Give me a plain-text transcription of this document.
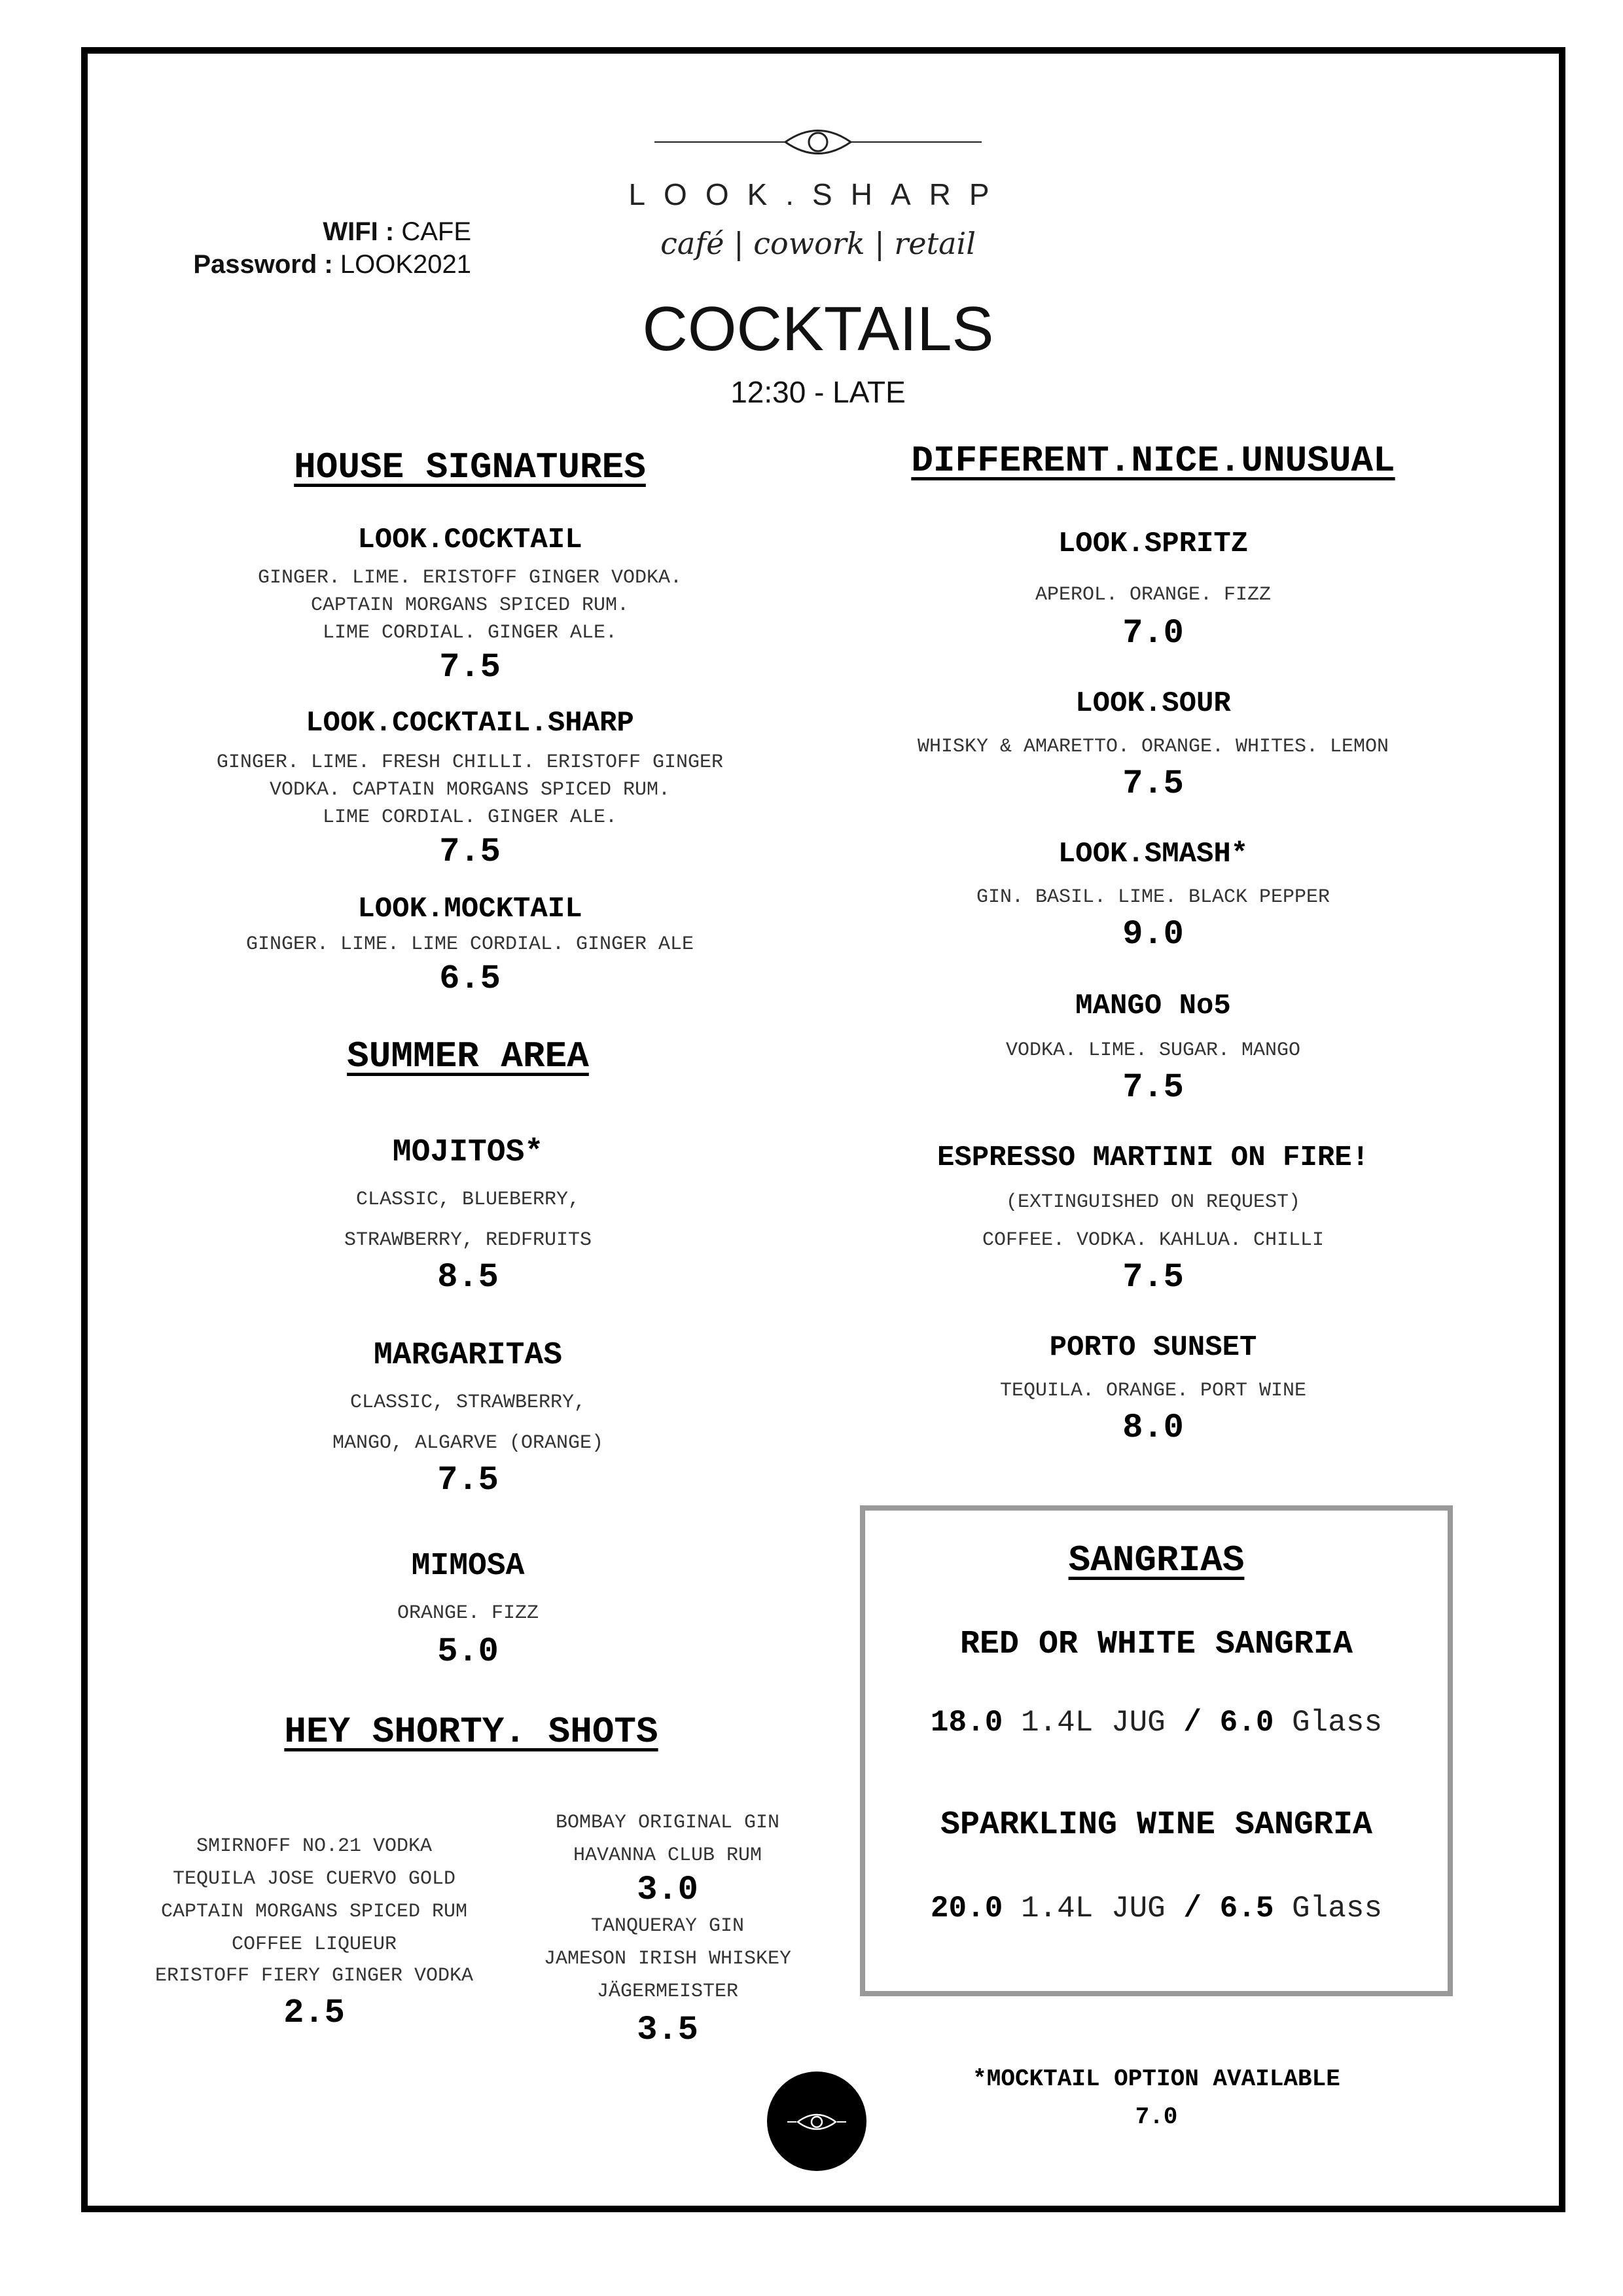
LOOK.SHARP
café | cowork | retail
WIFI : CAFE
Password : LOOK2021
COCKTAILS
12:30 - LATE
HOUSE SIGNATURES
LOOK.COCKTAIL
GINGER. LIME. ERISTOFF GINGER VODKA.
CAPTAIN MORGANS SPICED RUM.
LIME CORDIAL. GINGER ALE.
7.5
LOOK.COCKTAIL.SHARP
GINGER. LIME. FRESH CHILLI. ERISTOFF GINGER
VODKA. CAPTAIN MORGANS SPICED RUM.
LIME CORDIAL. GINGER ALE.
7.5
LOOK.MOCKTAIL
GINGER. LIME. LIME CORDIAL. GINGER ALE
6.5
SUMMER AREA
MOJITOS*
CLASSIC, BLUEBERRY,
STRAWBERRY, REDFRUITS
8.5
MARGARITAS
CLASSIC, STRAWBERRY,
MANGO, ALGARVE (ORANGE)
7.5
MIMOSA
ORANGE. FIZZ
5.0
HEY SHORTY. SHOTS
SMIRNOFF NO.21 VODKA
TEQUILA JOSE CUERVO GOLD
CAPTAIN MORGANS SPICED RUM
COFFEE LIQUEUR
ERISTOFF FIERY GINGER VODKA
2.5
BOMBAY ORIGINAL GIN
HAVANNA CLUB RUM
3.0
TANQUERAY GIN
JAMESON IRISH WHISKEY
JÄGERMEISTER
3.5
DIFFERENT.NICE.UNUSUAL
LOOK.SPRITZ
APEROL. ORANGE. FIZZ
7.0
LOOK.SOUR
WHISKY & AMARETTO. ORANGE. WHITES. LEMON
7.5
LOOK.SMASH*
GIN. BASIL. LIME. BLACK PEPPER
9.0
MANGO No5
VODKA. LIME. SUGAR. MANGO
7.5
ESPRESSO MARTINI ON FIRE!
(EXTINGUISHED ON REQUEST)
COFFEE. VODKA. KAHLUA. CHILLI
7.5
PORTO SUNSET
TEQUILA. ORANGE. PORT WINE
8.0
SANGRIAS
RED OR WHITE SANGRIA
18.0 1.4L JUG / 6.0 Glass
SPARKLING WINE SANGRIA
20.0 1.4L JUG / 6.5 Glass
*MOCKTAIL OPTION AVAILABLE
7.0
